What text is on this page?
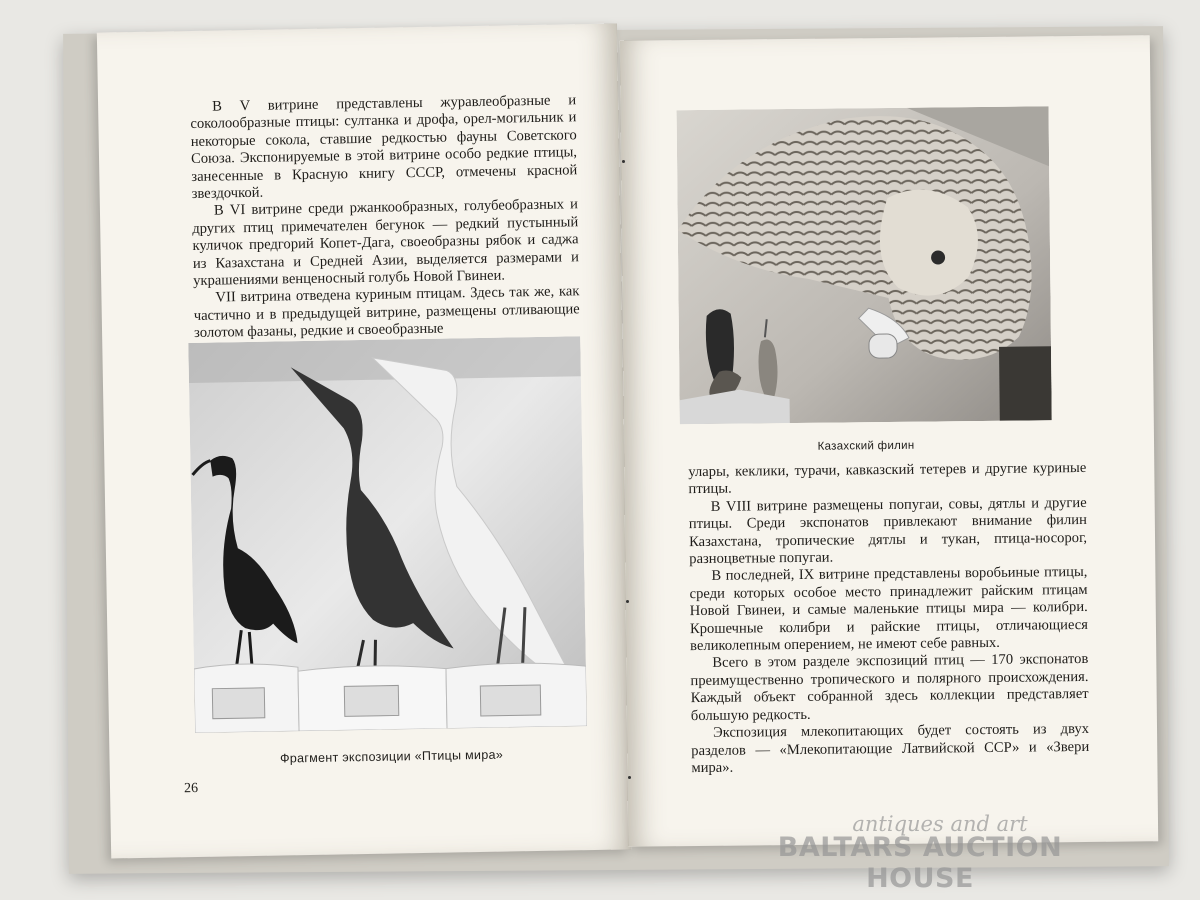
В V витрине представлены журавлеобразные и соколообразные птицы: султанка и дрофа, орел-могильник и некоторые сокола, ставшие редкостью фауны Советского Союза. Экспонируемые в этой витрине особо редкие птицы, занесенные в Красную книгу СССР, отмечены красной звездочкой.

В VI витрине среди ржанкообразных, голубеобразных и других птиц примечателен бегунок — редкий пустынный куличок предгорий Копет-Дага, своеобразны рябок и саджа из Казахстана и Средней Азии, выделяется размерами и украшениями венценосный голубь Новой Гвинеи.

VII витрина отведена куриным птицам. Здесь так же, как частично и в предыдущей витрине, размещены отливающие золотом фазаны, редкие и своеобразные

Фрагмент экспозиции «Птицы мира»
26
Казахский филин

улары, кеклики, турачи, кавказский тетерев и другие куриные птицы.

В VIII витрине размещены попугаи, совы, дятлы и другие птицы. Среди экспонатов привлекают внимание филин Казахстана, тропические дятлы и тукан, птица-носорог, разноцветные попугаи.

В последней, IX витрине представлены воробьиные птицы, среди которых особое место принадлежит райским птицам Новой Гвинеи, и самые маленькие птицы мира — колибри. Крошечные колибри и райские птицы, отличающиеся великолепным оперением, не имеют себе равных.

Всего в этом разделе экспозиций птиц — 170 экспонатов преимущественно тропического и полярного происхождения. Каждый объект собранной здесь коллекции представляет большую редкость.

Экспозиция млекопитающих будет состоять из двух разделов — «Млекопитающие Латвийской ССР» и «Звери мира».

antiques and art
BALTARS AUCTION HOUSE
